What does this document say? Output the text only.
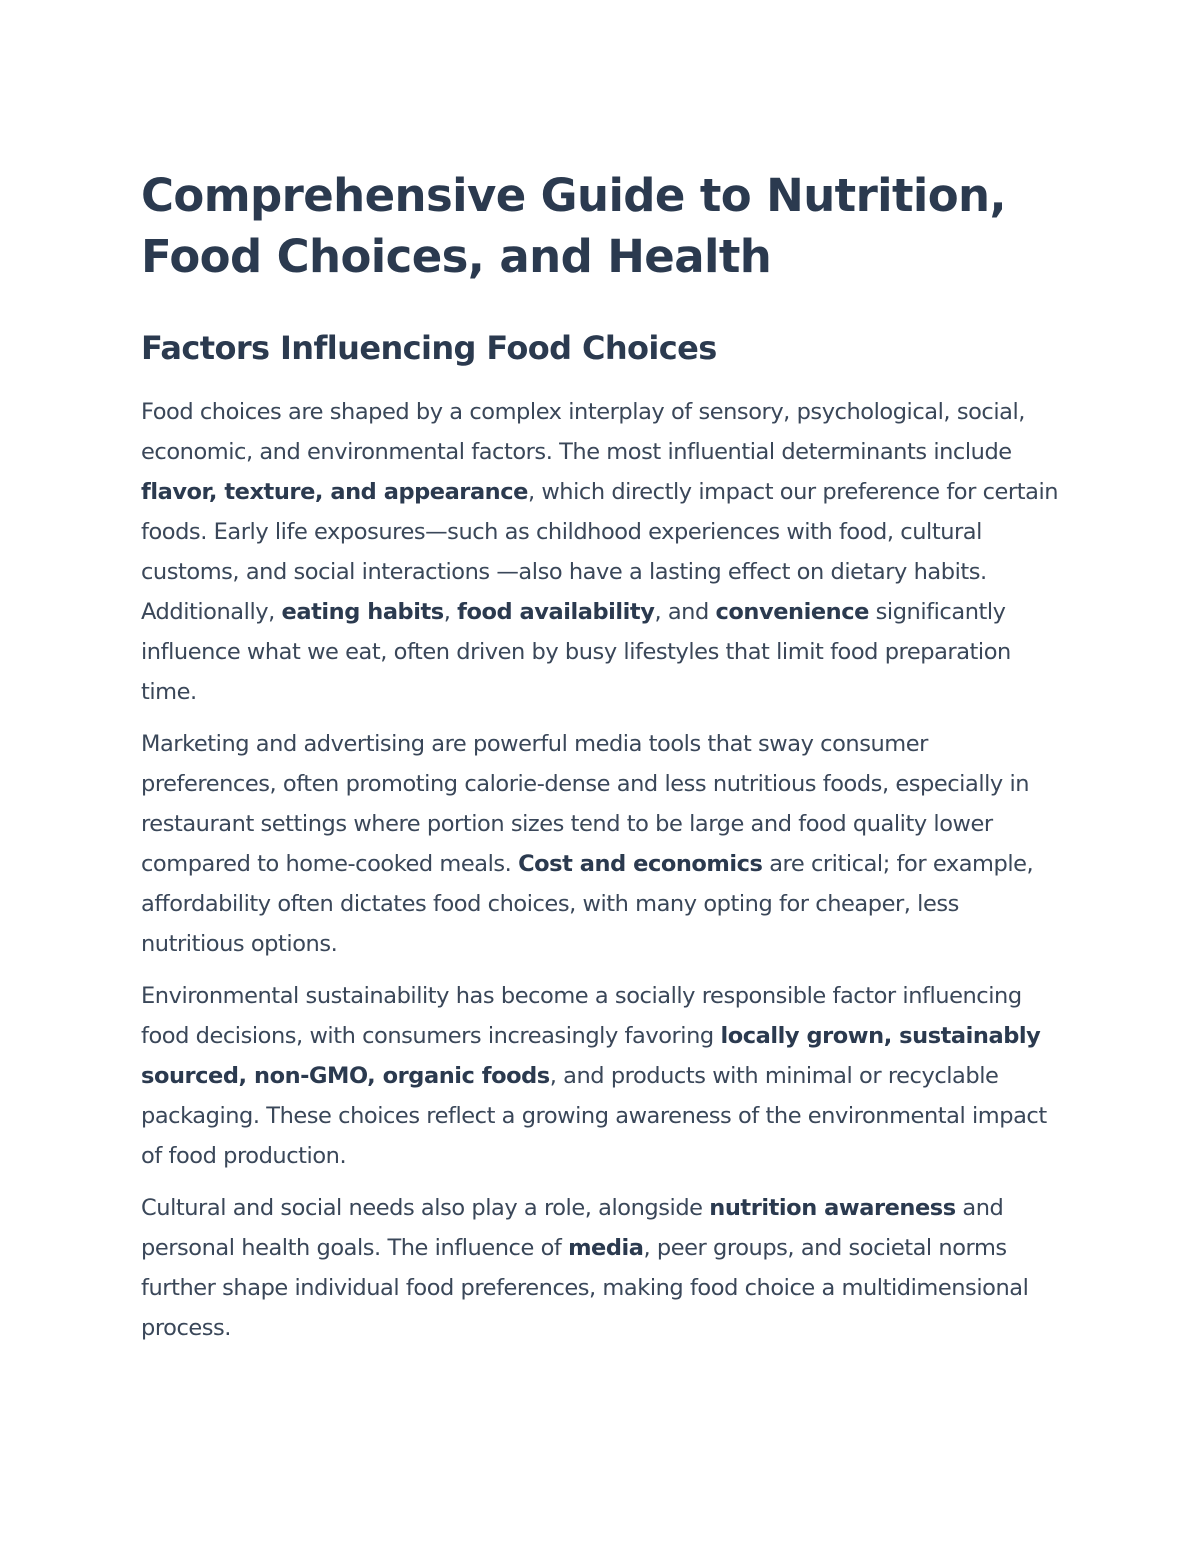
Comprehensive Guide to Nutrition,
Food Choices, and Health
Factors Influencing Food Choices

Food choices are shaped by a complex interplay of sensory, psychological, social, economic, and environmental factors. The most influential determinants include flavor, texture, and appearance, which directly impact our preference for certain foods. Early life exposures—such as childhood experiences with food, cultural customs, and social interactions —also have a lasting effect on dietary habits. Additionally, eating habits, food availability, and convenience significantly influence what we eat, often driven by busy lifestyles that limit food preparation time.

Marketing and advertising are powerful media tools that sway consumer preferences, often promoting calorie-dense and less nutritious foods, especially in restaurant settings where portion sizes tend to be large and food quality lower compared to home-cooked meals. Cost and economics are critical; for example, affordability often dictates food choices, with many opting for cheaper, less nutritious options.

Environmental sustainability has become a socially responsible factor influencing food decisions, with consumers increasingly favoring locally grown, sustainably sourced, non-GMO, organic foods, and products with minimal or recyclable packaging. These choices reflect a growing awareness of the environmental impact of food production.

Cultural and social needs also play a role, alongside nutrition awareness and personal health goals. The influence of media, peer groups, and societal norms further shape individual food preferences, making food choice a multidimensional process.
